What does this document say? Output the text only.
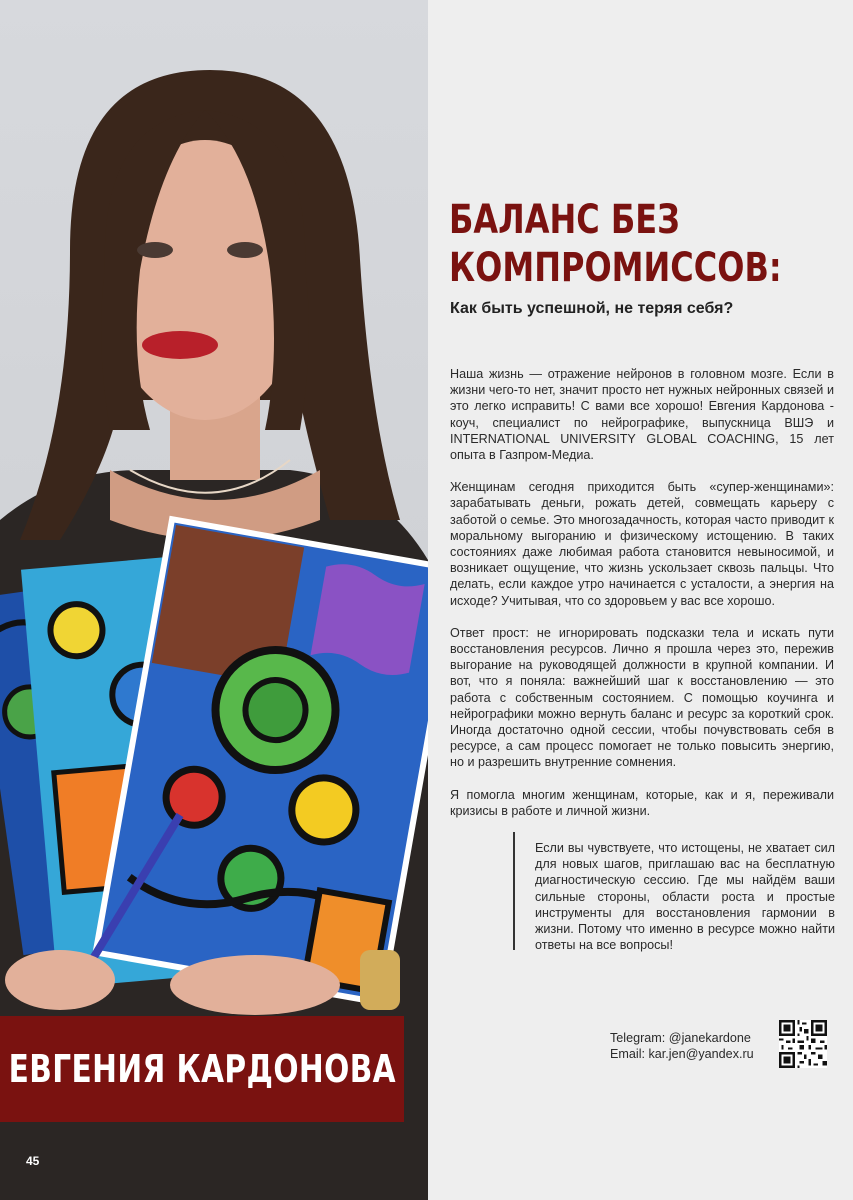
ЕВГЕНИЯ КАРДОНОВА
45
БАЛАНС БЕЗ
КОМПРОМИССОВ:
Как быть успешной, не теряя себя?

Наша жизнь — отражение нейронов в головном мозге. Если в жизни чего-то нет, значит просто нет нужных нейронных связей и это легко исправить! С вами все хорошо! Евгения Кардонова - коуч, специалист по нейрографике, выпускница ВШЭ и INTERNATIONAL UNIVERSITY GLOBAL COACHING, 15 лет опыта в Газпром-Медиа.

Женщинам сегодня приходится быть «супер-женщинами»: зарабатывать деньги, рожать детей, совмещать карьеру с заботой о семье. Это многозадачность, которая часто приводит к моральному выгоранию и физическому истощению. В таких состояниях даже любимая работа становится невыносимой, и возникает ощущение, что жизнь ускользает сквозь пальцы. Что делать, если каждое утро начинается с усталости, а энергия на исходе? Учитывая, что со здоровьем у вас все хорошо.

Ответ прост: не игнорировать подсказки тела и искать пути восстановления ресурсов. Лично я прошла через это, пережив выгорание на руководящей должности в крупной компании. И вот, что я поняла: важнейший шаг к восстановлению — это работа с собственным состоянием. С помощью коучинга и нейрографики можно вернуть баланс и ресурс за короткий срок. Иногда достаточно одной сессии, чтобы почувствовать себя в ресурсе, а сам процесс помогает не только повысить энергию, но и разрешить внутренние сомнения.

Я помогла многим женщинам, которые, как и я, переживали кризисы в работе и личной жизни.

Если вы чувствуете, что истощены, не хватает сил для новых шагов, приглашаю вас на бесплатную диагностическую сессию. Где мы найдём ваши сильные стороны, области роста и простые инструменты для восстановления гармонии в жизни. Потому что именно в ресурсе можно найти ответы на все вопросы!

Telegram: @janekardone
Email: kar.jen@yandex.ru
